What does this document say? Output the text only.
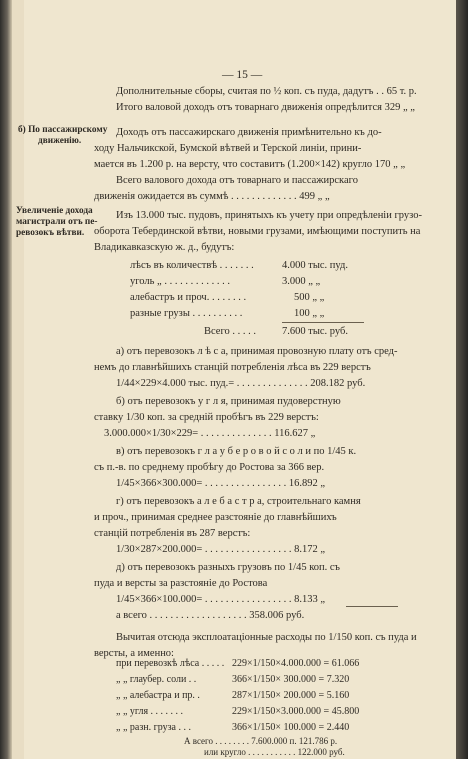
— 15 —
Дополнительные сборы, считая по ½ коп. съ пуда, дадутъ . . 65 т. р.
Итого валовой доходъ отъ товарнаго движенія опредѣлится 329 „ „
б) По пассажирскому
движенію.
Доходъ отъ пассажирскаго движенія примѣнительно къ до-
ходу Нальчикской, Бумской вѣтвей и Терской линіи, прини-
мается въ 1.200 р. на версту, что составитъ (1.200×142) кругло 170 „ „
Всего валового дохода отъ товарнаго и пассажирскаго
движенія ожидается въ суммѣ . . . . . . . . . . . . . 499 „ „
Увеличеніе дохода
магистрали отъ пе-
ревозокъ вѣтви.
Изъ 13.000 тыс. пудовъ, принятыхъ къ учету при опредѣленіи грузо-
оборота Тебердинской вѣтви, новыми грузами, имѣющими поступить на
Владикавказскую ж. д., будутъ:
лѣсъ въ количествѣ . . . . . . .	4.000 тыс. пуд.
уголь „ . . . . . . . . . . . . .	3.000 „ „
алебастръ и проч. . . . . . . .	500 „ „
разные грузы . . . . . . . . . .	100 „ „
Всего . . . . . 7.600 тыс. руб.
а) отъ перевозокъ л ѣ с а, принимая провозную плату отъ сред-
немъ до главнѣйшихъ станцій потребленія лѣса въ 229 верстъ
1/44×229×4.000 тыс. пуд.= . . . . . . . . . . . . . . 208.182 руб.
б) отъ перевозокъ у г л я, принимая пудоверстную
ставку 1/30 коп. за средній пробѣгъ въ 229 верстъ:
3.000.000×1/30×229= . . . . . . . . . . . . . . 116.627 „
в) отъ перевозокъ г л а у б е р о в о й с о л и по 1/45 к.
съ п.-в. по среднему пробѣгу до Ростова за 366 вер.
1/45×366×300.000= . . . . . . . . . . . . . . . . 16.892 „
г) отъ перевозокъ а л е б а с т р а, строительнаго камня
и проч., принимая среднее разстояніе до главнѣйшихъ
станцій потребленія въ 287 верстъ:
1/30×287×200.000= . . . . . . . . . . . . . . . . . 8.172 „
д) отъ перевозокъ разныхъ грузовъ по 1/45 коп. съ
пуда и версты за разстояніе до Ростова
1/45×366×100.000= . . . . . . . . . . . . . . . . . 8.133 „
а всего . . . . . . . . . . . . . . . . . . . 358.006 руб.
Вычитая отсюда эксплоатаціонные расходы по 1/150 коп. съ пуда и
версты, а именно:
при перевозкѣ лѣса . . . . . 229×1/150×4.000.000 = 61.066
„ „ глаубер. соли . .	366×1/150× 300.000 = 7.320
„ „ алебастра и пр. .	287×1/150× 200.000 = 5.160
„ „ угля . . . . . . .	229×1/150×3.000.000 = 45.800
„ „ разн. груза . . .	366×1/150× 100.000 = 2.440
А всего . . . . . . . . 7.600.000 п. 121.786 р.
или кругло . . . . . . . . . . . 122.000 руб.
